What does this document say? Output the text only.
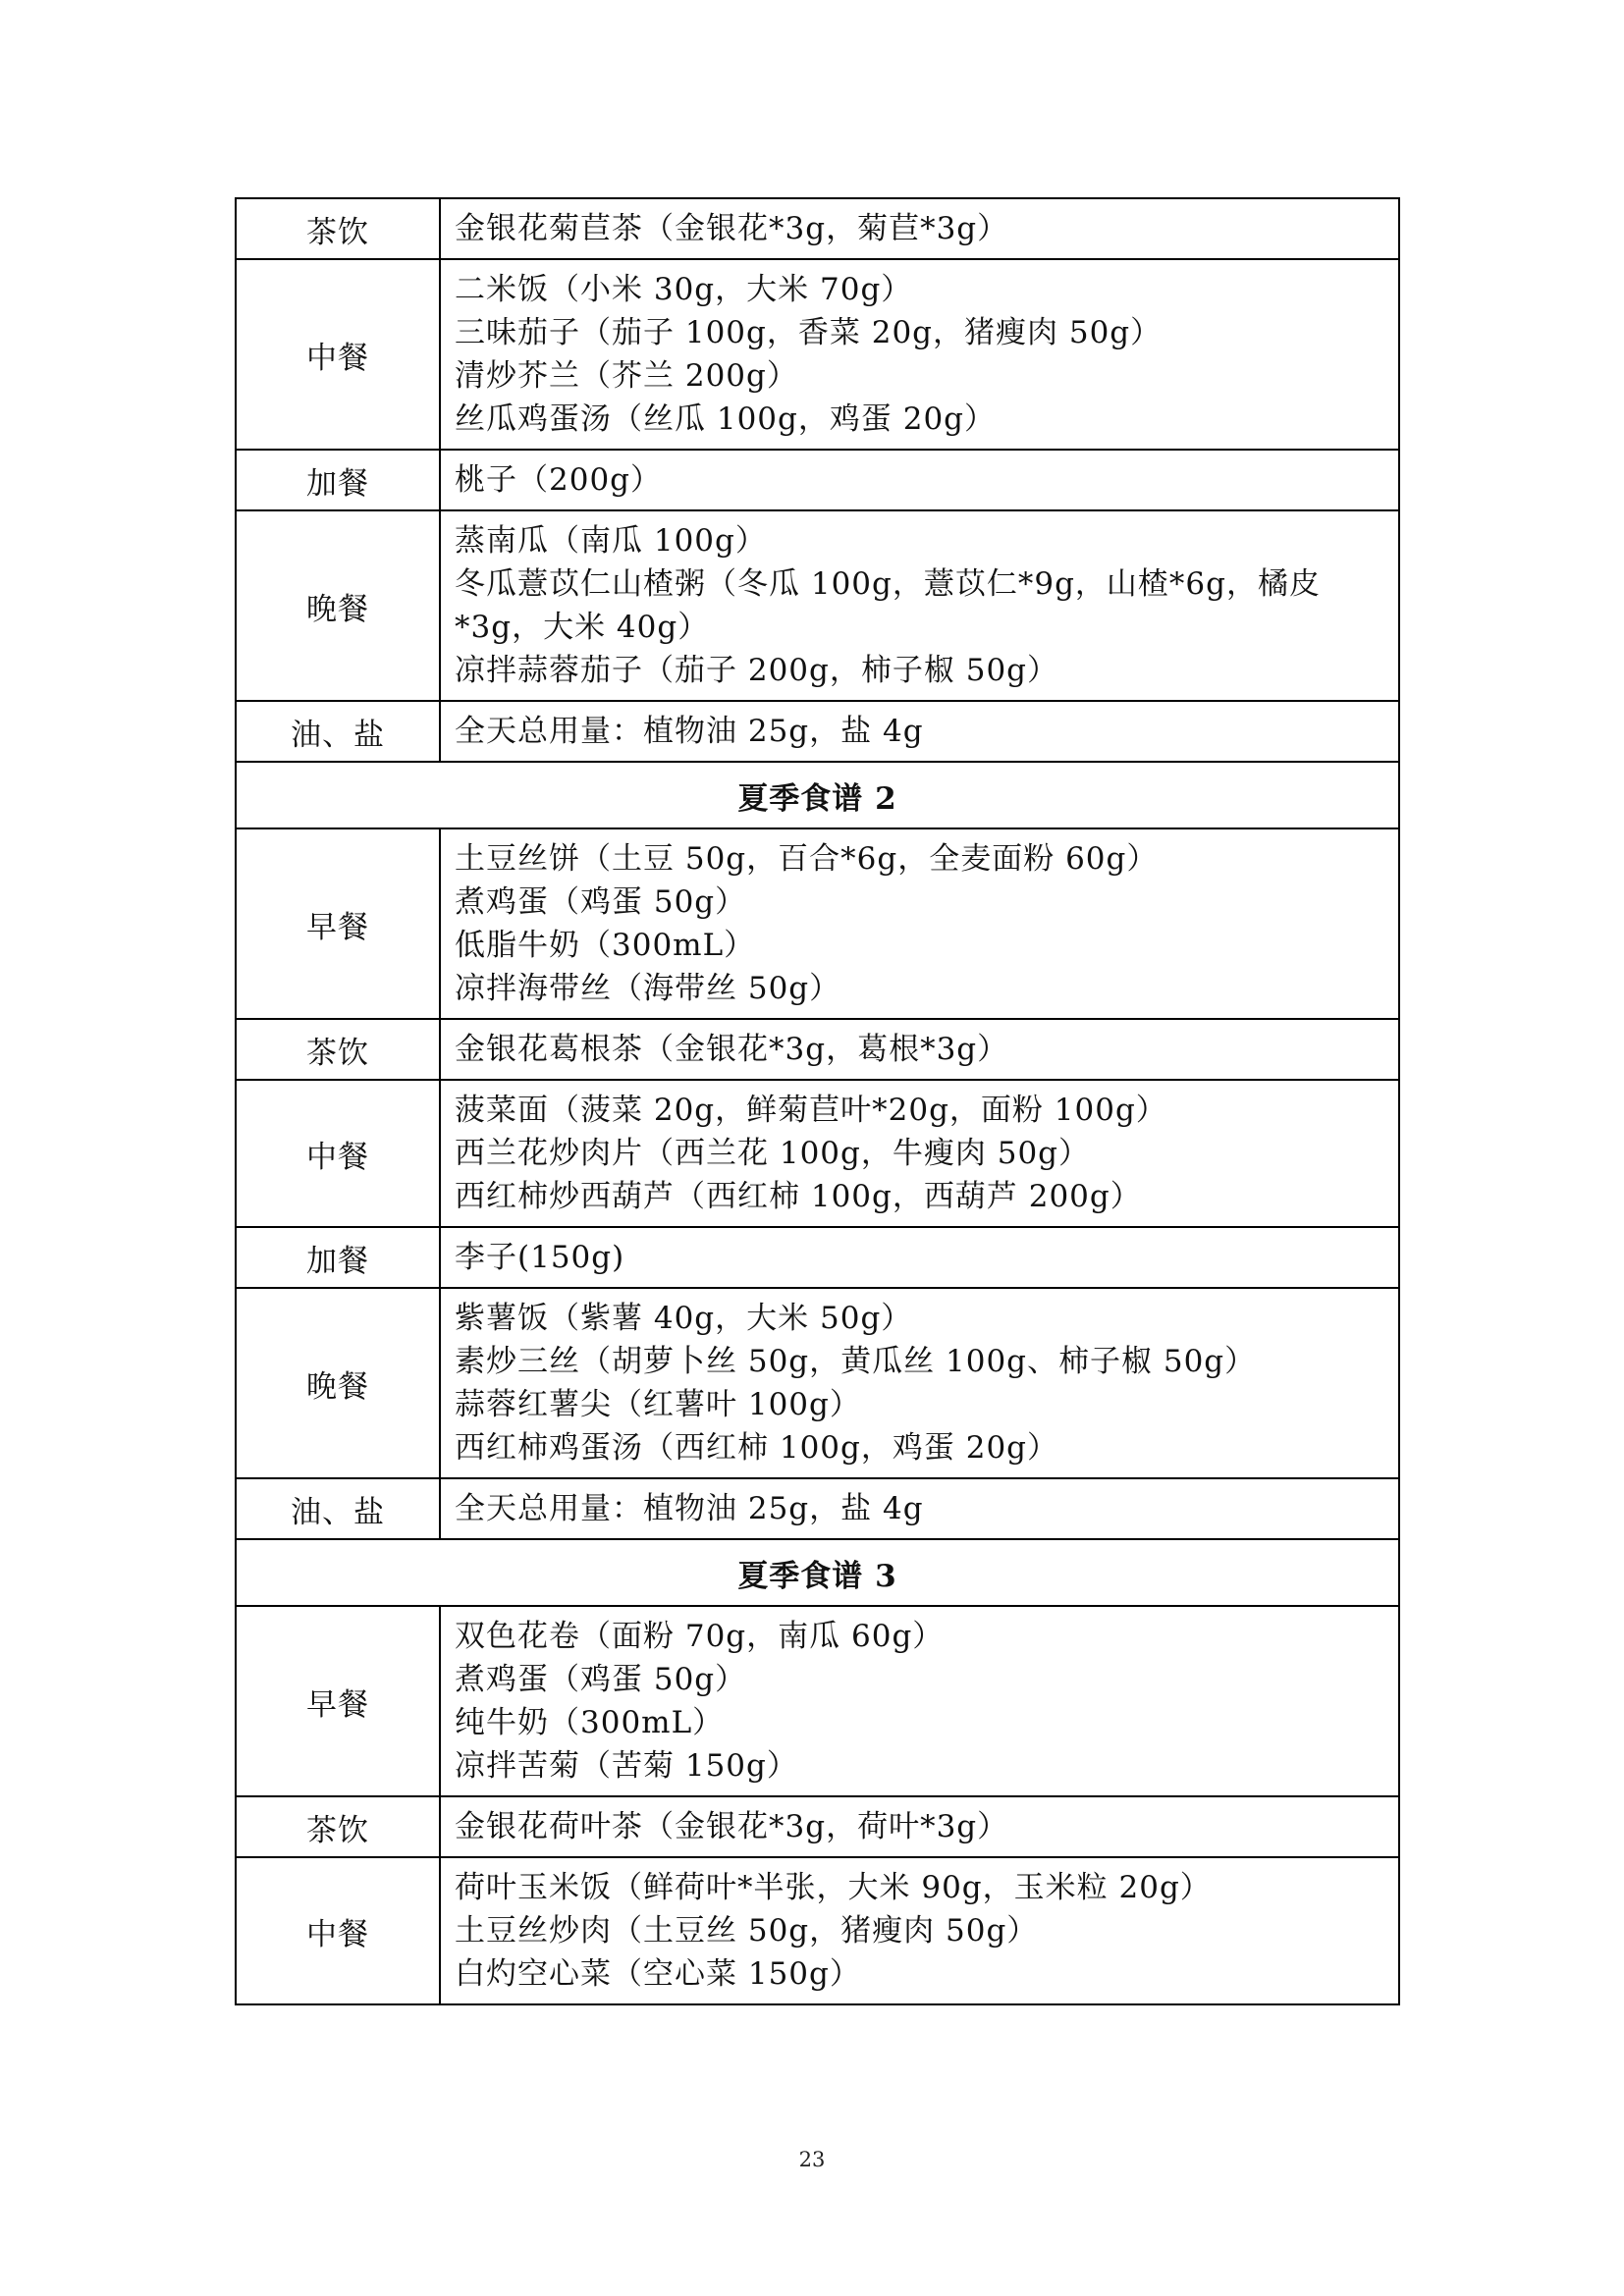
茶饮	金银花菊苣茶（金银花*3g，菊苣*3g）

中餐	二米饭（小米 30g，大米 70g）
三味茄子（茄子 100g，香菜 20g，猪瘦肉 50g）
清炒芥兰（芥兰 200g）
丝瓜鸡蛋汤（丝瓜 100g，鸡蛋 20g）

加餐	桃子（200g）

晚餐	蒸南瓜（南瓜 100g）
冬瓜薏苡仁山楂粥（冬瓜 100g，薏苡仁*9g，山楂*6g，橘皮*3g，大米 40g）
凉拌蒜蓉茄子（茄子 200g，柿子椒 50g）

油、盐	全天总用量：植物油 25g，盐 4g

夏季食谱 2	
早餐	土豆丝饼（土豆 50g，百合*6g，全麦面粉 60g）
煮鸡蛋（鸡蛋 50g）
低脂牛奶（300mL）
凉拌海带丝（海带丝 50g）

茶饮	金银花葛根茶（金银花*3g，葛根*3g）

中餐	菠菜面（菠菜 20g，鲜菊苣叶*20g，面粉 100g）
西兰花炒肉片（西兰花 100g，牛瘦肉 50g）
西红柿炒西葫芦（西红柿 100g，西葫芦 200g）

加餐	李子(150g)

晚餐	紫薯饭（紫薯 40g，大米 50g）
素炒三丝（胡萝卜丝 50g，黄瓜丝 100g、柿子椒 50g）
蒜蓉红薯尖（红薯叶 100g）
西红柿鸡蛋汤（西红柿 100g，鸡蛋 20g）

油、盐	全天总用量：植物油 25g，盐 4g

夏季食谱 3	
早餐	双色花卷（面粉 70g，南瓜 60g）
煮鸡蛋（鸡蛋 50g）
纯牛奶（300mL）
凉拌苦菊（苦菊 150g）

茶饮	金银花荷叶茶（金银花*3g，荷叶*3g）

中餐	荷叶玉米饭（鲜荷叶*半张，大米 90g，玉米粒 20g）
土豆丝炒肉（土豆丝 50g，猪瘦肉 50g）
白灼空心菜（空心菜 150g）
23
